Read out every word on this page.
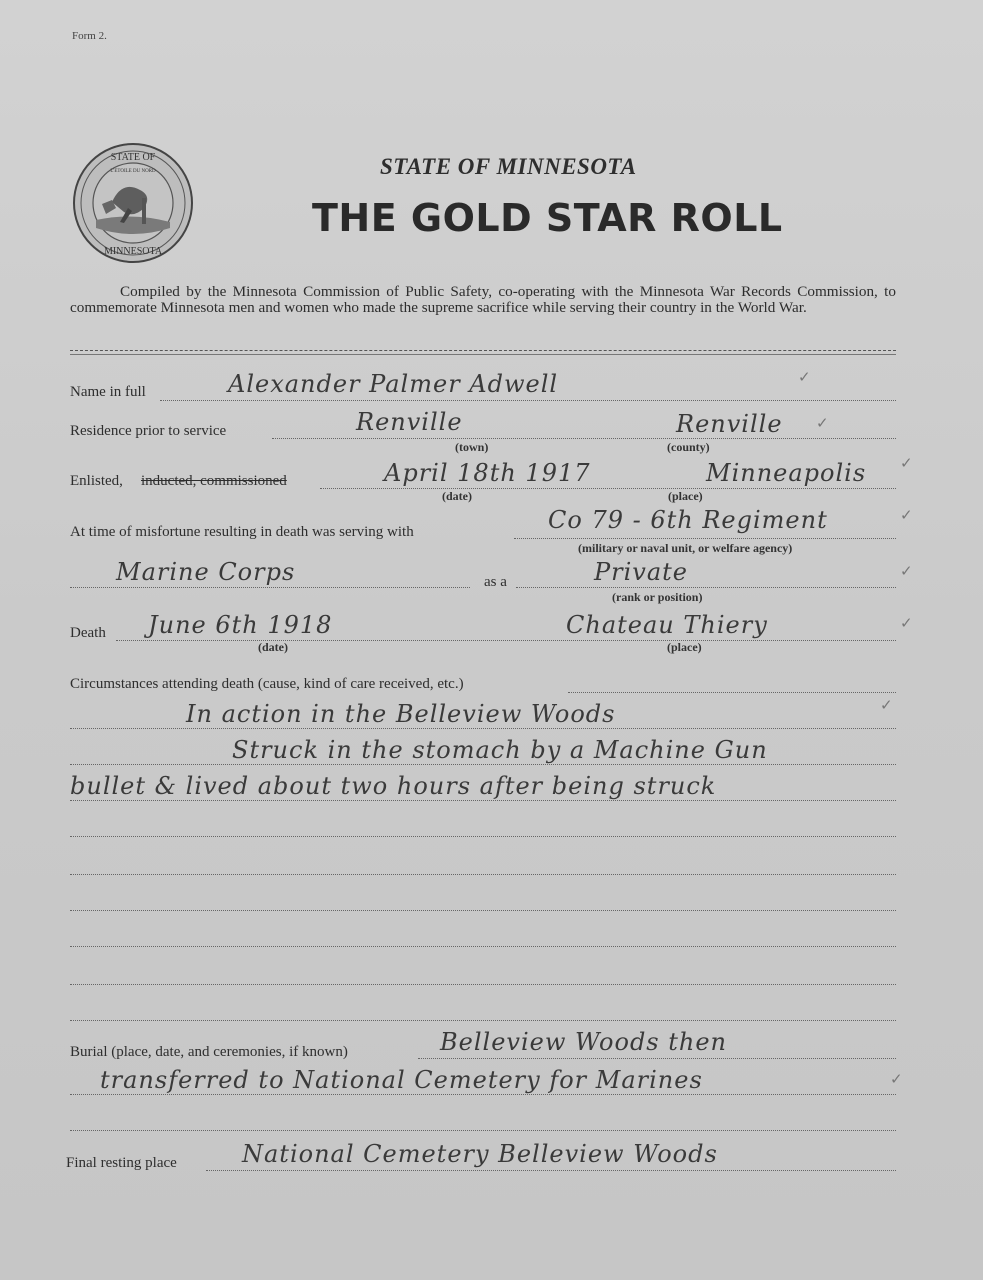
Form 2.
STATE OF
L'ETOILE DU NORD
MINNESOTA
STATE OF MINNESOTA
THE GOLD STAR ROLL
Compiled by the Minnesota Commission of Public Safety, co-operating with the Minnesota War Records Commission, to commemorate Minnesota men and women who made the supreme sacrifice while serving their country in the World War.
Name in full	Alexander Palmer Adwell	✓
Residence prior to service	Renville	Renville ✓
(town)	(county)
Enlisted, inducted, commissioned	April 18th 1917	Minneapolis ✓
(date)	(place)
At time of misfortune resulting in death was serving with	Co 79 - 6th Regiment	✓
(military or naval unit, or welfare agency)
Marine Corps	as a	Private	✓
(rank or position)
Death June 6th 1918	Chateau Thiery	✓
(date)	(place)
Circumstances attending death (cause, kind of care received, etc.)
✓
In action in the Belleview Woods
Struck in the stomach by a Machine Gun
bullet & lived about two hours after being struck
Burial (place, date, and ceremonies, if known)	Belleview Woods then
transferred to National Cemetery for Marines	✓
Final resting place	National Cemetery Belleview Woods
